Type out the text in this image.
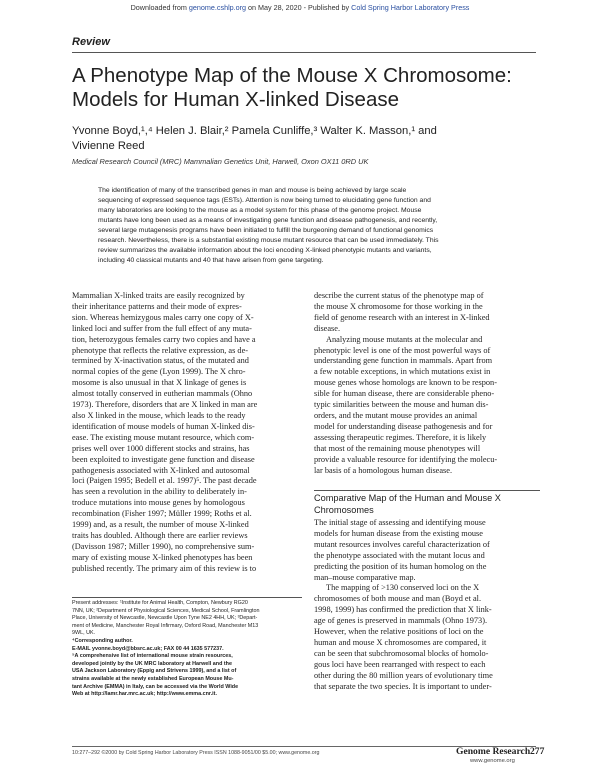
Downloaded from genome.cshlp.org on May 28, 2020 - Published by Cold Spring Harbor Laboratory Press
Review
A Phenotype Map of the Mouse X Chromosome:
Models for Human X-linked Disease
Yvonne Boyd,¹,⁴ Helen J. Blair,² Pamela Cunliffe,³ Walter K. Masson,¹ and
Vivienne Reed
Medical Research Council (MRC) Mammalian Genetics Unit, Harwell, Oxon OX11 0RD UK
The identification of many of the transcribed genes in man and mouse is being achieved by large scale
sequencing of expressed sequence tags (ESTs). Attention is now being turned to elucidating gene function and
many laboratories are looking to the mouse as a model system for this phase of the genome project. Mouse
mutants have long been used as a means of investigating gene function and disease pathogenesis, and recently,
several large mutagenesis programs have been initiated to fulfill the burgeoning demand of functional genomics
research. Nevertheless, there is a substantial existing mouse mutant resource that can be used immediately. This
review summarizes the available information about the loci encoding X-linked phenotypic mutants and variants,
including 40 classical mutants and 40 that have arisen from gene targeting.
Mammalian X-linked traits are easily recognized by
their inheritance patterns and their mode of expres-
sion. Whereas hemizygous males carry one copy of X-
linked loci and suffer from the full effect of any muta-
tion, heterozygous females carry two copies and have a
phenotype that reflects the relative expression, as de-
termined by X-inactivation status, of the mutated and
normal copies of the gene (Lyon 1999). The X chro-
mosome is also unusual in that X linkage of genes is
almost totally conserved in eutherian mammals (Ohno
1973). Therefore, disorders that are X linked in man are
also X linked in the mouse, which leads to the ready
identification of mouse models of human X-linked dis-
ease. The existing mouse mutant resource, which com-
prises well over 1000 different stocks and strains, has
been exploited to investigate gene function and disease
pathogenesis associated with X-linked and autosomal
loci (Paigen 1995; Bedell et al. 1997)⁵. The past decade
has seen a revolution in the ability to deliberately in-
troduce mutations into mouse genes by homologous
recombination (Fisher 1997; Müller 1999; Roths et al.
1999) and, as a result, the number of mouse X-linked
traits has doubled. Although there are earlier reviews
(Davisson 1987; Miller 1990), no comprehensive sum-
mary of existing mouse X-linked phenotypes has been
published recently. The primary aim of this review is to
describe the current status of the phenotype map of
the mouse X chromosome for those working in the
field of genome research with an interest in X-linked
disease.
Analyzing mouse mutants at the molecular and
phenotypic level is one of the most powerful ways of
understanding gene function in mammals. Apart from
a few notable exceptions, in which mutations exist in
mouse genes whose homologs are known to be respon-
sible for human disease, there are considerable pheno-
typic similarities between the mouse and human dis-
orders, and the mutant mouse provides an animal
model for understanding disease pathogenesis and for
assessing therapeutic regimes. Therefore, it is likely
that most of the remaining mouse phenotypes will
provide a valuable resource for identifying the molecu-
lar basis of a homologous human disease.
Comparative Map of the Human and Mouse X
Chromosomes
The initial stage of assessing and identifying mouse
models for human disease from the existing mouse
mutant resources involves careful characterization of
the phenotype associated with the mutant locus and
predicting the position of its human homolog on the
man–mouse comparative map.
The mapping of >130 conserved loci on the X
chromosomes of both mouse and man (Boyd et al.
1998, 1999) has confirmed the prediction that X link-
age of genes is preserved in mammals (Ohno 1973).
However, when the relative positions of loci on the
human and mouse X chromosomes are compared, it
can be seen that subchromosomal blocks of homolo-
gous loci have been rearranged with respect to each
other during the 80 million years of evolutionary time
that separate the two species. It is important to under-
Present addresses: ¹Institute for Animal Health, Compton, Newbury RG20
7NN, UK; ²Department of Physiological Sciences, Medical School, Framlington
Place, University of Newcastle, Newcastle Upon Tyne NE2 4HH, UK; ³Depart-
ment of Medicine, Manchester Royal Infirmary, Oxford Road, Manchester M13
9WL, UK.
⁴Corresponding author.
E-MAIL yvonne.boyd@bbsrc.ac.uk; FAX 00 44 1635 577237.
⁵A comprehensive list of international mouse strain resources,
developed jointly by the UK MRC laboratory at Harwell and the
USA Jackson Laboratory (Eppig and Strivens 1999), and a list of
strains available at the newly established European Mouse Mu-
tant Archive (EMMA) in Italy, can be accessed via the World Wide
Web at http://lamr.har.mrc.ac.uk; http://www.emma.cnr.it.
10:277–292 ©2000 by Cold Spring Harbor Laboratory Press ISSN 1088-9051/00 $5.00; www.genome.org	Genome Research 277
www.genome.org
